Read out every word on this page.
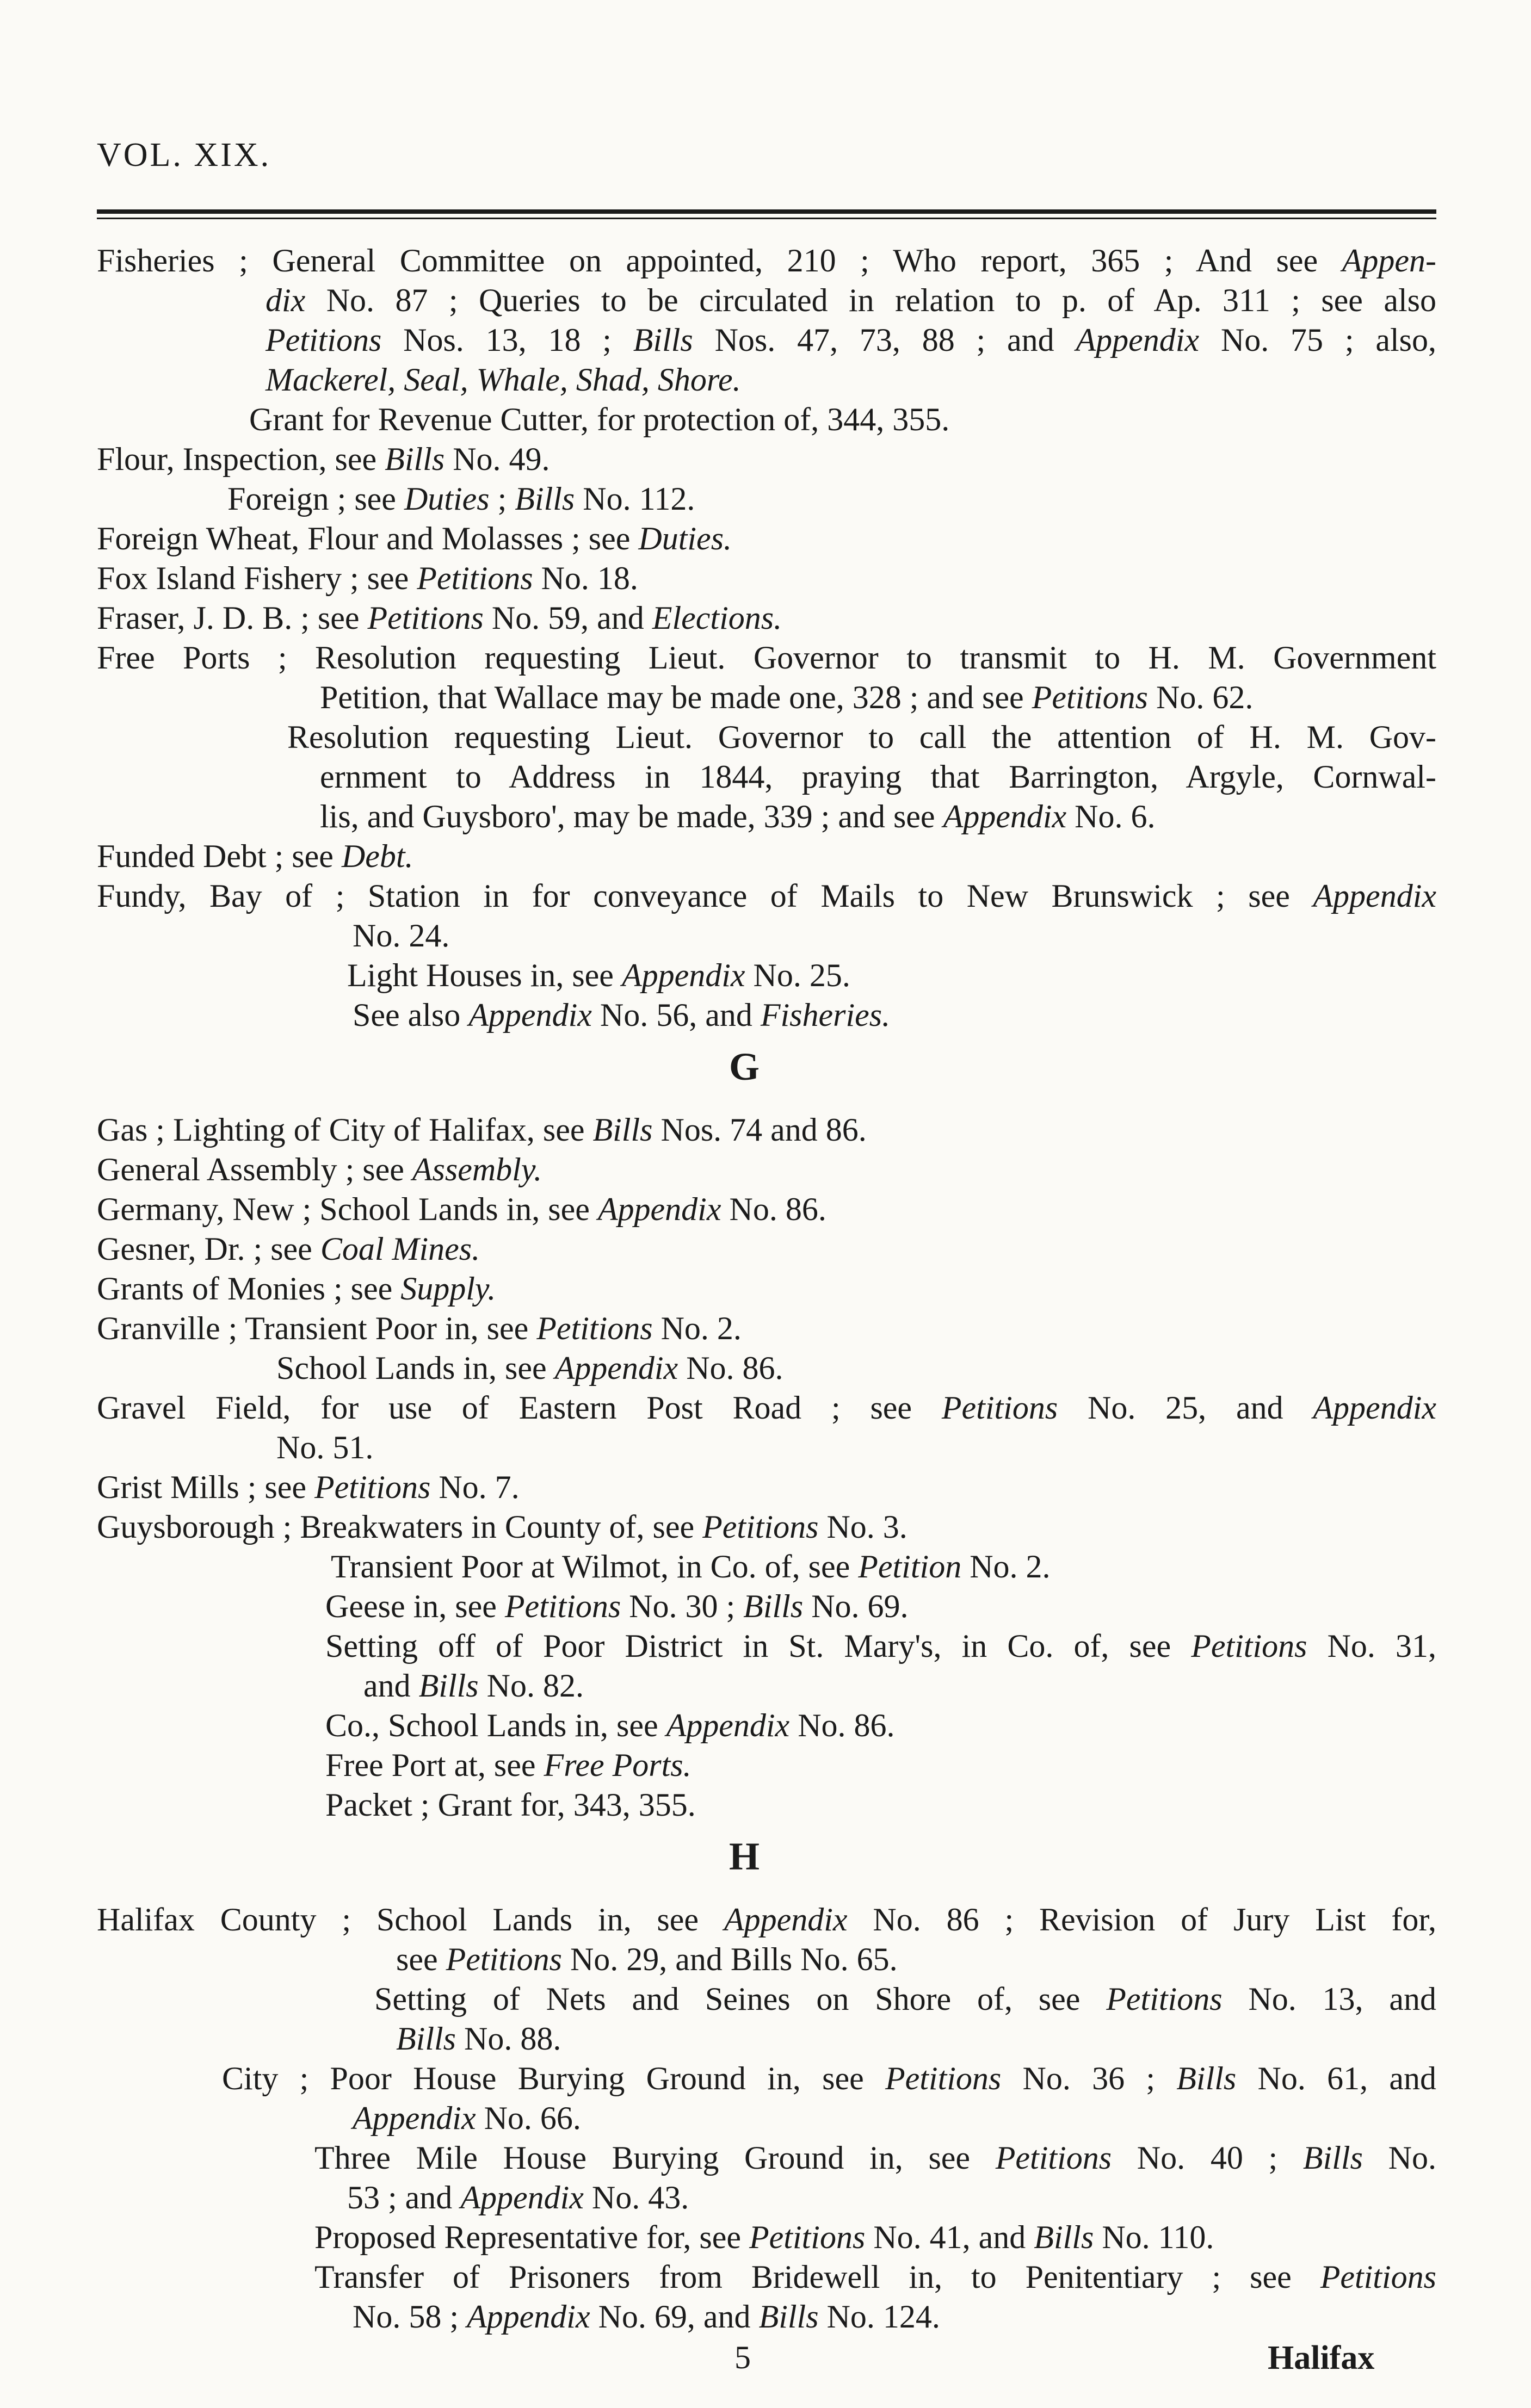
VOL. XIX.
Fisheries ; General Committee on appointed, 210 ; Who report, 365 ; And see Appen-
dix No. 87 ; Queries to be circulated in relation to p. of Ap. 311 ; see also
Petitions Nos. 13, 18 ; Bills Nos. 47, 73, 88 ; and Appendix No. 75 ; also,
Mackerel, Seal, Whale, Shad, Shore.
Grant for Revenue Cutter, for protection of, 344, 355.
Flour, Inspection, see Bills No. 49.
Foreign ; see Duties ; Bills No. 112.
Foreign Wheat, Flour and Molasses ; see Duties.
Fox Island Fishery ; see Petitions No. 18.
Fraser, J. D. B. ; see Petitions No. 59, and Elections.
Free Ports ; Resolution requesting Lieut. Governor to transmit to H. M. Government
Petition, that Wallace may be made one, 328 ; and see Petitions No. 62.
Resolution requesting Lieut. Governor to call the attention of H. M. Gov-
ernment to Address in 1844, praying that Barrington, Argyle, Cornwal-
lis, and Guysboro', may be made, 339 ; and see Appendix No. 6.
Funded Debt ; see Debt.
Fundy, Bay of ; Station in for conveyance of Mails to New Brunswick ; see Appendix
No. 24.
Light Houses in, see Appendix No. 25.
See also Appendix No. 56, and Fisheries.
Gas ; Lighting of City of Halifax, see Bills Nos. 74 and 86.
General Assembly ; see Assembly.
Germany, New ; School Lands in, see Appendix No. 86.
Gesner, Dr. ; see Coal Mines.
Grants of Monies ; see Supply.
Granville ; Transient Poor in, see Petitions No. 2.
School Lands in, see Appendix No. 86.
Gravel Field, for use of Eastern Post Road ; see Petitions No. 25, and Appendix
No. 51.
Grist Mills ; see Petitions No. 7.
Guysborough ; Breakwaters in County of, see Petitions No. 3.
Transient Poor at Wilmot, in Co. of, see Petition No. 2.
Geese in, see Petitions No. 30 ; Bills No. 69.
Setting off of Poor District in St. Mary's, in Co. of, see Petitions No. 31,
and Bills No. 82.
Co., School Lands in, see Appendix No. 86.
Free Port at, see Free Ports.
Packet ; Grant for, 343, 355.
Halifax County ; School Lands in, see Appendix No. 86 ; Revision of Jury List for,
see Petitions No. 29, and Bills No. 65.
Setting of Nets and Seines on Shore of, see Petitions No. 13, and
Bills No. 88.
City ; Poor House Burying Ground in, see Petitions No. 36 ; Bills No. 61, and
Appendix No. 66.
Three Mile House Burying Ground in, see Petitions No. 40 ; Bills No.
53 ; and Appendix No. 43.
Proposed Representative for, see Petitions No. 41, and Bills No. 110.
Transfer of Prisoners from Bridewell in, to Penitentiary ; see Petitions
No. 58 ; Appendix No. 69, and Bills No. 124.
G
H
5	Halifax
